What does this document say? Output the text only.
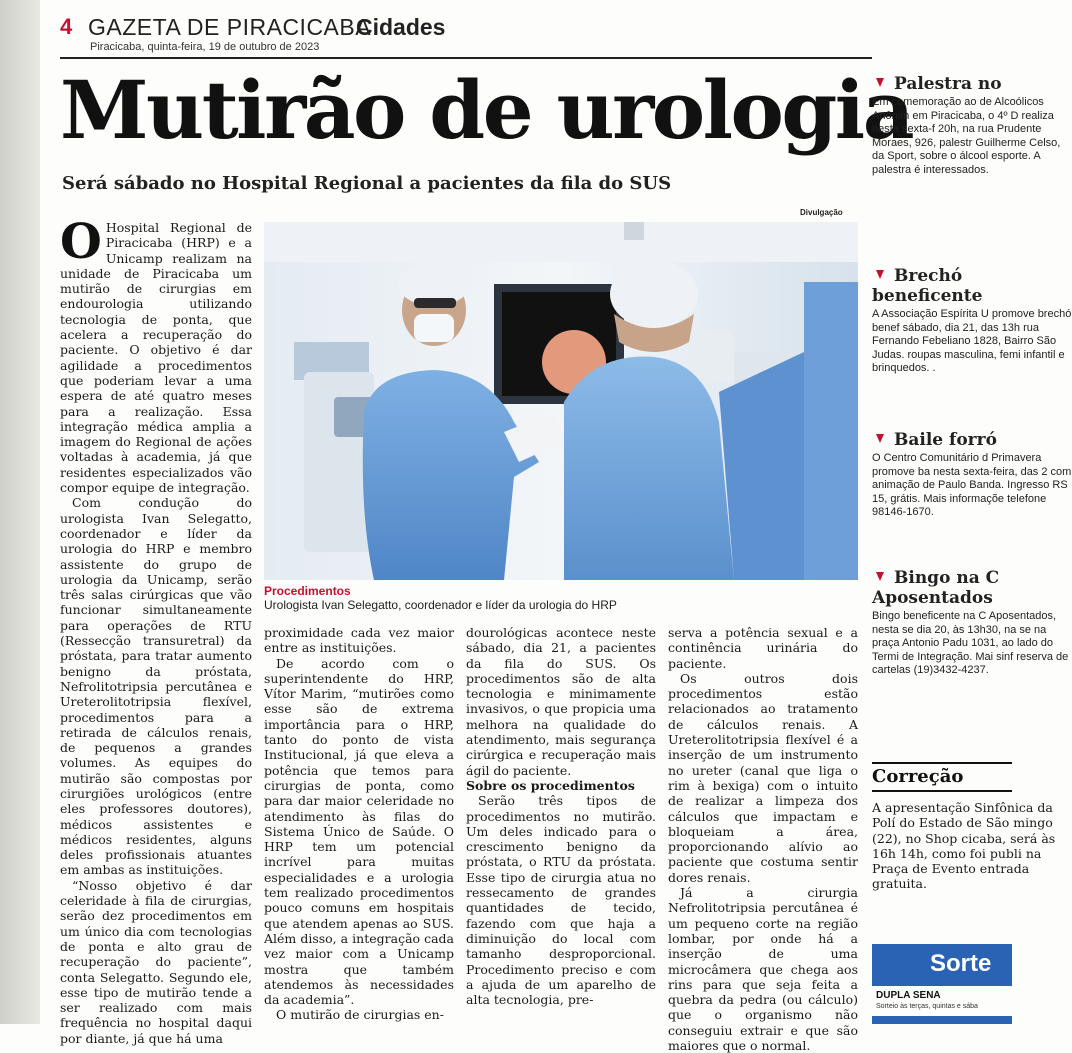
4 GAZETA DE PIRACICABA
Cidades
Piracicaba, quinta-feira, 19 de outubro de 2023
Mutirão de urologia
Será sábado no Hospital Regional a pacientes da fila do SUS
Divulgação
Procedimentos
Urologista Ivan Selegatto, coordenador e líder da urologia do HRP
O Hospital Regional de Piracicaba (HRP) e a Unicamp realizam na unidade de Piracicaba um mutirão de cirurgias em endourologia utilizando tecnologia de ponta, que acelera a recuperação do paciente. O objetivo é dar agilidade a procedimentos que poderiam levar a uma espera de até quatro meses para a realização. Essa integração médica amplia a imagem do Regional de ações voltadas à academia, já que residentes especializados vão compor equipe de integração.

Com condução do urologista Ivan Selegatto, coordenador e líder da urologia do HRP e membro assistente do grupo de urologia da Unicamp, serão três salas cirúrgicas que vão funcionar simultaneamente para operações de RTU (Ressecção transuretral) da próstata, para tratar aumento benigno da próstata, Nefrolitotripsia percutânea e Ureterolitotripsia flexível, procedimentos para a retirada de cálculos renais, de pequenos a grandes volumes. As equipes do mutirão são compostas por cirurgiões urológicos (entre eles professores doutores), médicos assistentes e médicos residentes, alguns deles profissionais atuantes em ambas as instituições.

“Nosso objetivo é dar celeridade à fila de cirurgias, serão dez procedimentos em um único dia com tecnologias de ponta e alto grau de recuperação do paciente”, conta Selegatto. Segundo ele, esse tipo de mutirão tende a ser realizado com mais frequência no hospital daqui por diante, já que há uma

proximidade cada vez maior entre as instituições.

De acordo com o superintendente do HRP, Vítor Marim, “mutirões como esse são de extrema importância para o HRP, tanto do ponto de vista Institucional, já que eleva a potência que temos para cirurgias de ponta, como para dar maior celeridade no atendimento às filas do Sistema Único de Saúde. O HRP tem um potencial incrível para muitas especialidades e a urologia tem realizado procedimentos pouco comuns em hospitais que atendem apenas ao SUS. Além disso, a integração cada vez maior com a Unicamp mostra que também atendemos às necessidades da academia”.

O mutirão de cirurgias en-

dourológicas acontece neste sábado, dia 21, a pacientes da fila do SUS. Os procedimentos são de alta tecnologia e minimamente invasivos, o que propicia uma melhora na qualidade do atendimento, mais segurança cirúrgica e recuperação mais ágil do paciente.

Sobre os procedimentos

Serão três tipos de procedimentos no mutirão. Um deles indicado para o crescimento benigno da próstata, o RTU da próstata. Esse tipo de cirurgia atua no ressecamento de grandes quantidades de tecido, fazendo com que haja a diminuição do local com tamanho desproporcional. Procedimento preciso e com a ajuda de um aparelho de alta tecnologia, pre-

serva a potência sexual e a continência urinária do paciente.

Os outros dois procedimentos estão relacionados ao tratamento de cálculos renais. A Ureterolitotripsia flexível é a inserção de um instrumento no ureter (canal que liga o rim à bexiga) com o intuito de realizar a limpeza dos cálculos que impactam e bloqueiam a área, proporcionando alívio ao paciente que costuma sentir dores renais.

Já a cirurgia Nefrolitotripsia percutânea é um pequeno corte na região lombar, por onde há a inserção de uma microcâmera que chega aos rins para que seja feita a quebra da pedra (ou cálculo) que o organismo não conseguiu extrair e que são maiores que o normal.

Palestra no
Em comemoração ao de Alcoólicos Anônim em Piracicaba, o 4º D realiza nesta sexta-f 20h, na rua Prudente Moraes, 926, palestr Guilherme Celso, da Sport, sobre o álcool esporte. A palestra é interessados.
Brechó
beneficente
A Associação Espírita U promove brechó benef sábado, dia 21, das 13h rua Fernando Febeliano 1828, Bairro São Judas. roupas masculina, femi infantil e brinquedos. .
Baile forró
O Centro Comunitário d Primavera promove ba nesta sexta-feira, das 2 com animação de Paulo Banda. Ingresso RS 15, grátis. Mais informaçõe telefone 98146-1670.
Bingo na C
Aposentados
Bingo beneficente na C Aposentados, nesta se dia 20, às 13h30, na se na praça Antonio Padu 1031, ao lado do Termi de Integração. Mai sinf reserva de cartelas (19)3432-4237.
Correção
A apresentação Sinfônica da Polí do Estado de São mingo (22), no Shop cicaba, será às 16h 14h, como foi publi na Praça de Evento entrada gratuita.
Sorte
DUPLA SENA
Sorteio às terças, quintas e sába
